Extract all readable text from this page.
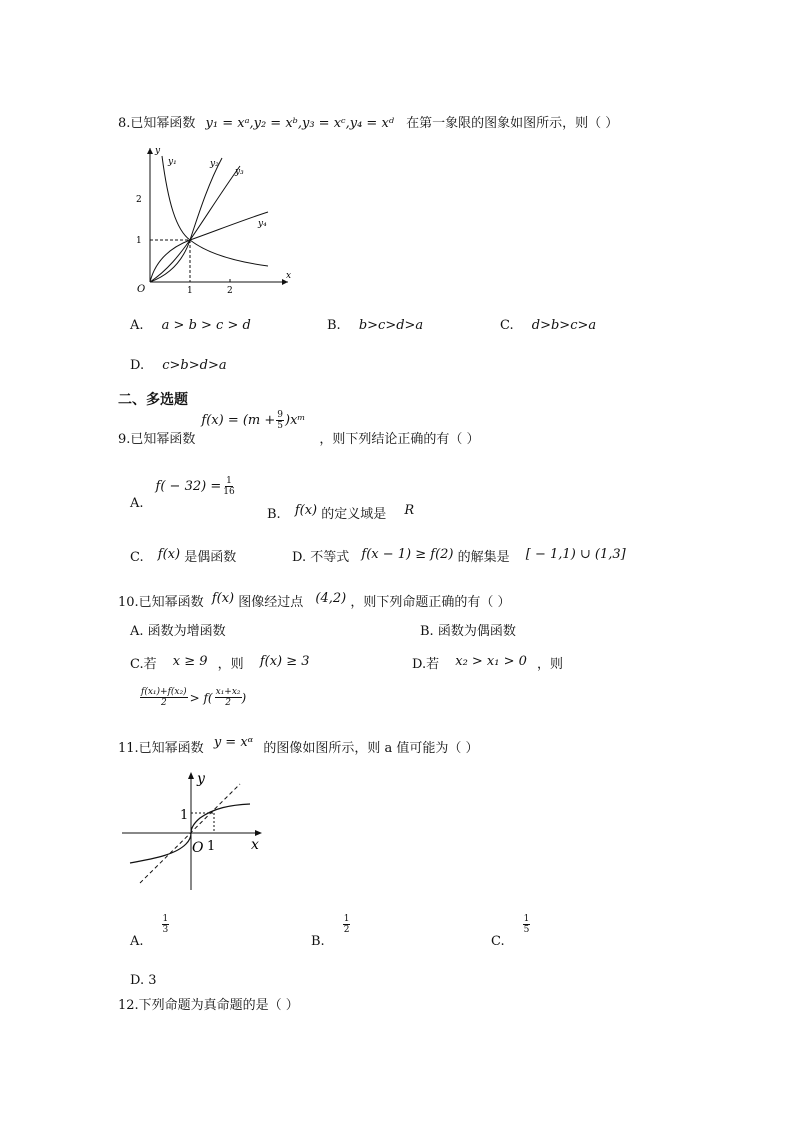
8.已知幂函数 y₁ = xᵃ,y₂ = xᵇ,y₃ = xᶜ,y₄ = xᵈ 在第一象限的图象如图所示，则（ ）
y
x
O	1	2
1
2
y₁	y₂
y₃
y₄
A. a > b > c > d	B. b>c>d>a	C. d>b>c>a
D. c>b>d>a
二、多选题
9.已知幂函数
$f(x) = (m + \frac{9}{5}$ )xᵐ
，则下列结论正确的有（ ）
A.
$f( - 32) = \frac{1}{16}$
B. f(x) 的定义域是 R
C. f(x) 是偶函数	D. 不等式 f(x − 1) ≥ f(2) 的解集是 [ − 1,1) ∪ (1,3]
10.已知幂函数 f(x) 图像经过点 (4,2) ，则下列命题正确的有（ ）
A. 函数为增函数	B. 函数为偶函数
C.若 x ≥ 9 ，则 f(x) ≥ 3	D.若 x₂ > x₁ > 0 ，则
$\frac{\text{f(x₁)+f(x₂)}}{2} > f( \frac{\text{x₁+x₂}}{2}$ )
11.已知幂函数 y = xᵅ 的图像如图所示，则 a 值可能为（ ）
y
x
O 1
1
A.
$\frac{1}{3}$
B.
$\frac{1}{2}$
C.
$\frac{1}{5}$
D. 3
12.下列命题为真命题的是（ ）
